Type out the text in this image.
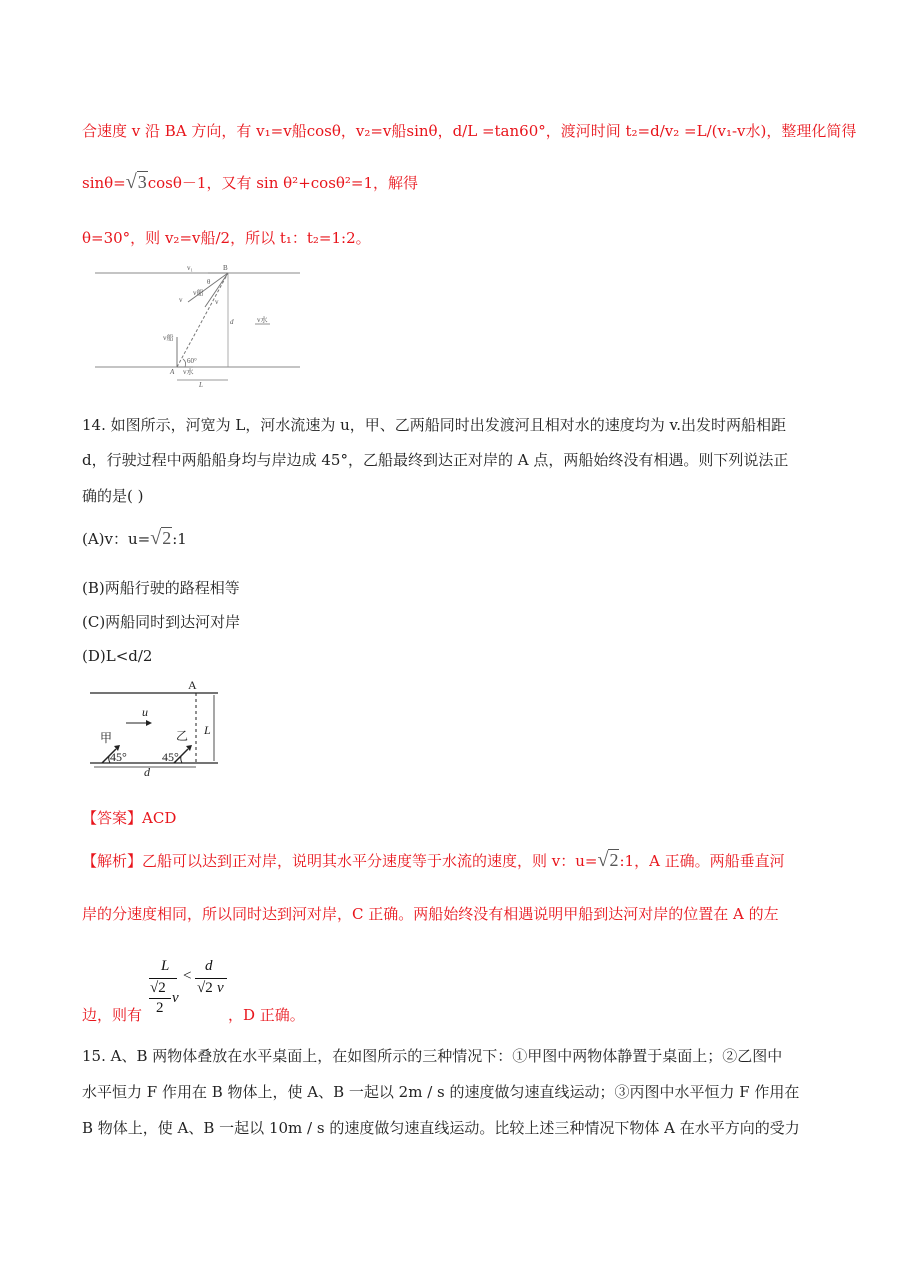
合速度 v 沿 BA 方向，有 v₁=v船cosθ，v₂=v船sinθ，d/L =tan60°，渡河时间 t₂=d/v₂ =L/(v₁-v水)，整理化简得
sinθ=√3cosθ－1，又有 sin θ²+cosθ²=1，解得
θ=30°，则 v₂=v船/2，所以 t₁：t₂=1:2。
B
v₁
θ
v船
v	v
v水
d
v船
60°
v水
A
L
14. 如图所示，河宽为 L，河水流速为 u，甲、乙两船同时出发渡河且相对水的速度均为 v.出发时两船相距
d，行驶过程中两船船身均与岸边成 45°，乙船最终到达正对岸的 A 点，两船始终没有相遇。则下列说法正
确的是( )
(A)v：u=√2:1
(B)两船行驶的路程相等
(C)两船同时到达河对岸
(D)L<d/2
A
u
甲	乙
45°	45°
d
L
【答案】ACD
【解析】乙船可以达到正对岸，说明其水平分速度等于水流的速度，则 v：u=√2:1，A 正确。两船垂直河
岸的分速度相同，所以同时达到河对岸，C 正确。两船始终没有相遇说明甲船到达河对岸的位置在 A 的左
L
√2
v
2
<
d
√2 v
边，则有	，D 正确。
15. A、B 两物体叠放在水平桌面上，在如图所示的三种情况下：①甲图中两物体静置于桌面上；②乙图中
水平恒力 F 作用在 B 物体上，使 A、B 一起以 2m / s 的速度做匀速直线运动；③丙图中水平恒力 F 作用在
B 物体上，使 A、B 一起以 10m / s 的速度做匀速直线运动。比较上述三种情况下物体 A 在水平方向的受力
